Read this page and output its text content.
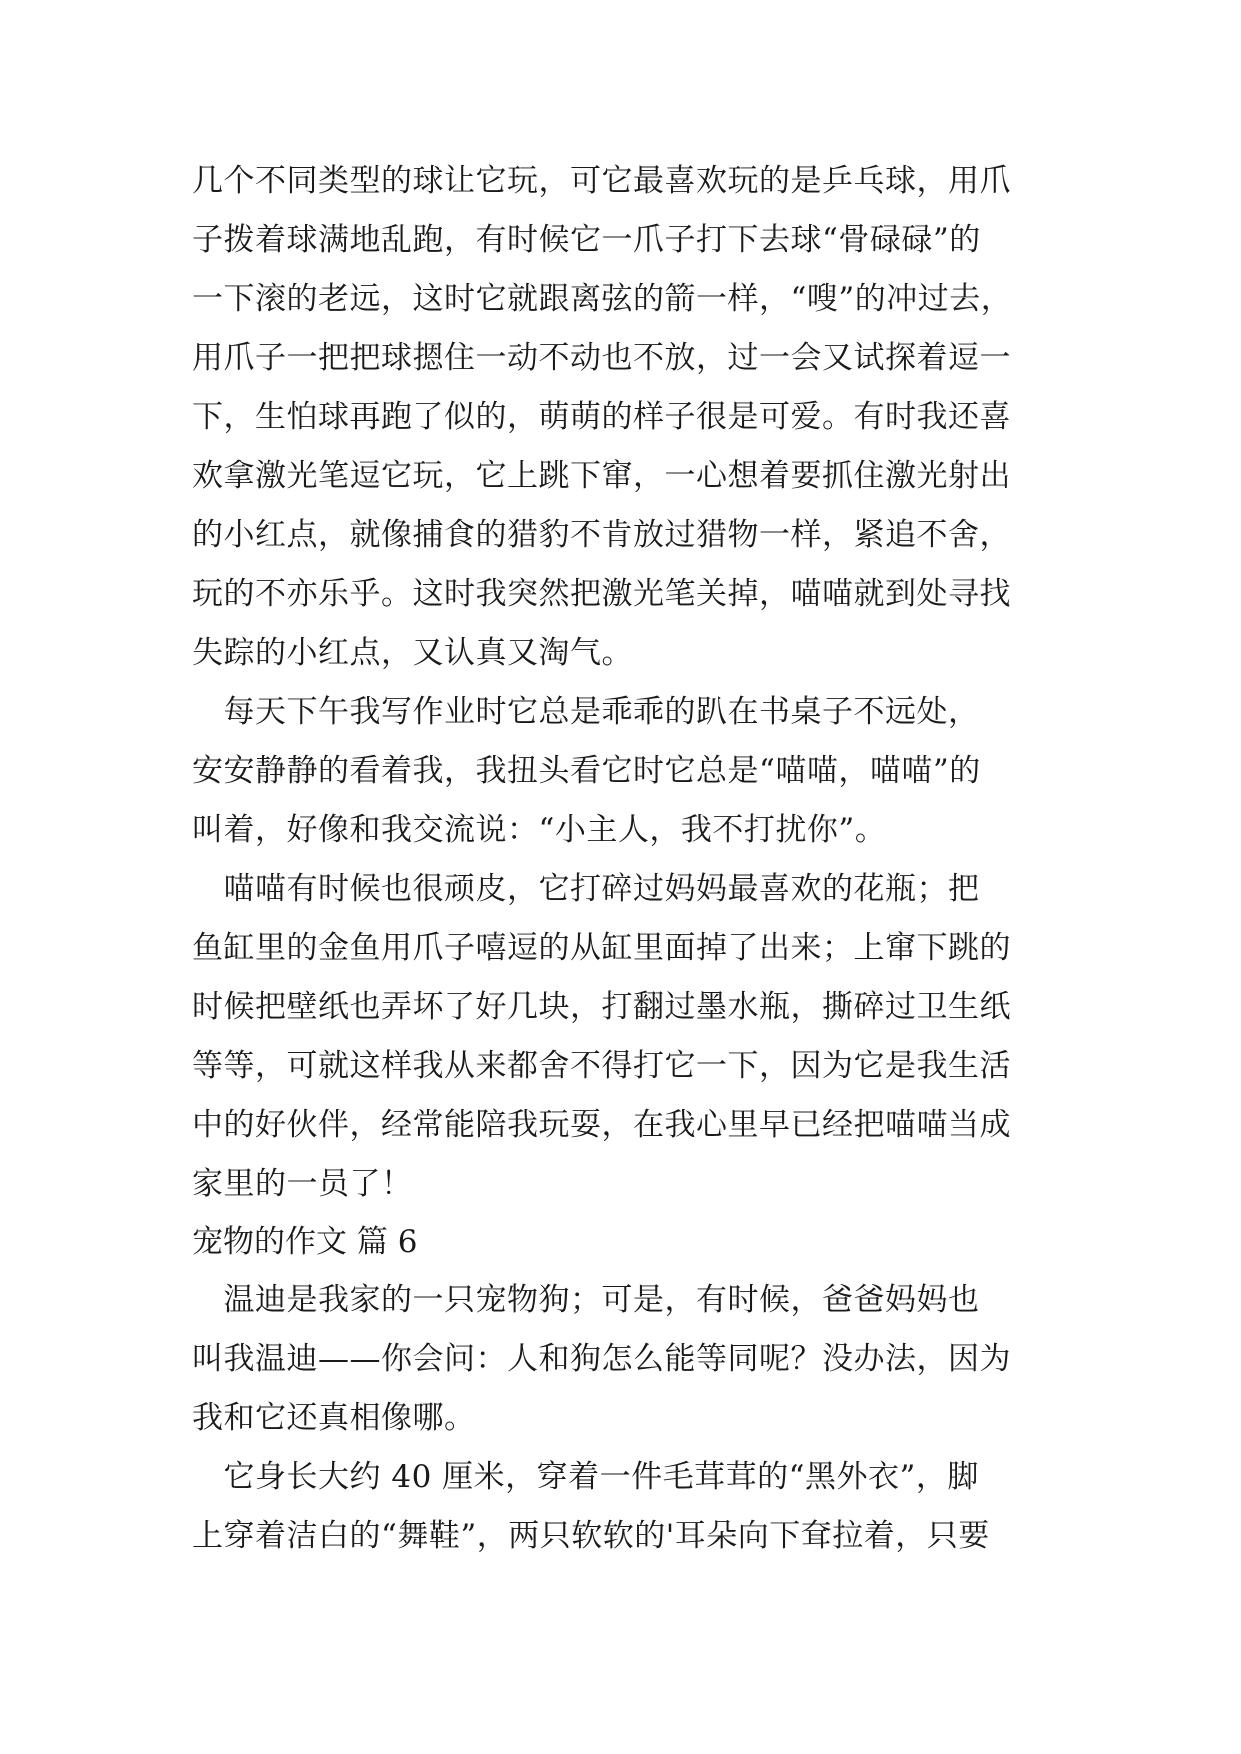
几个不同类型的球让它玩，可它最喜欢玩的是乒乓球，用爪
子拨着球满地乱跑，有时候它一爪子打下去球“骨碌碌”的
一下滚的老远，这时它就跟离弦的箭一样，“嗖”的冲过去，
用爪子一把把球摁住一动不动也不放，过一会又试探着逗一
下，生怕球再跑了似的，萌萌的样子很是可爱。有时我还喜
欢拿激光笔逗它玩，它上跳下窜，一心想着要抓住激光射出
的小红点，就像捕食的猎豹不肯放过猎物一样，紧追不舍，
玩的不亦乐乎。这时我突然把激光笔关掉，喵喵就到处寻找
失踪的小红点，又认真又淘气。
　每天下午我写作业时它总是乖乖的趴在书桌子不远处，
安安静静的看着我，我扭头看它时它总是“喵喵，喵喵”的
叫着，好像和我交流说：“小主人，我不打扰你”。
　喵喵有时候也很顽皮，它打碎过妈妈最喜欢的花瓶；把
鱼缸里的金鱼用爪子嘻逗的从缸里面掉了出来；上窜下跳的
时候把壁纸也弄坏了好几块，打翻过墨水瓶，撕碎过卫生纸
等等，可就这样我从来都舍不得打它一下，因为它是我生活
中的好伙伴，经常能陪我玩耍，在我心里早已经把喵喵当成
家里的一员了！
宠物的作文 篇 6
　温迪是我家的一只宠物狗；可是，有时候，爸爸妈妈也
叫我温迪——你会问：人和狗怎么能等同呢？没办法，因为
我和它还真相像哪。
　它身长大约 40 厘米，穿着一件毛茸茸的“黑外衣”，脚
上穿着洁白的“舞鞋”，两只软软的'耳朵向下耷拉着，只要
